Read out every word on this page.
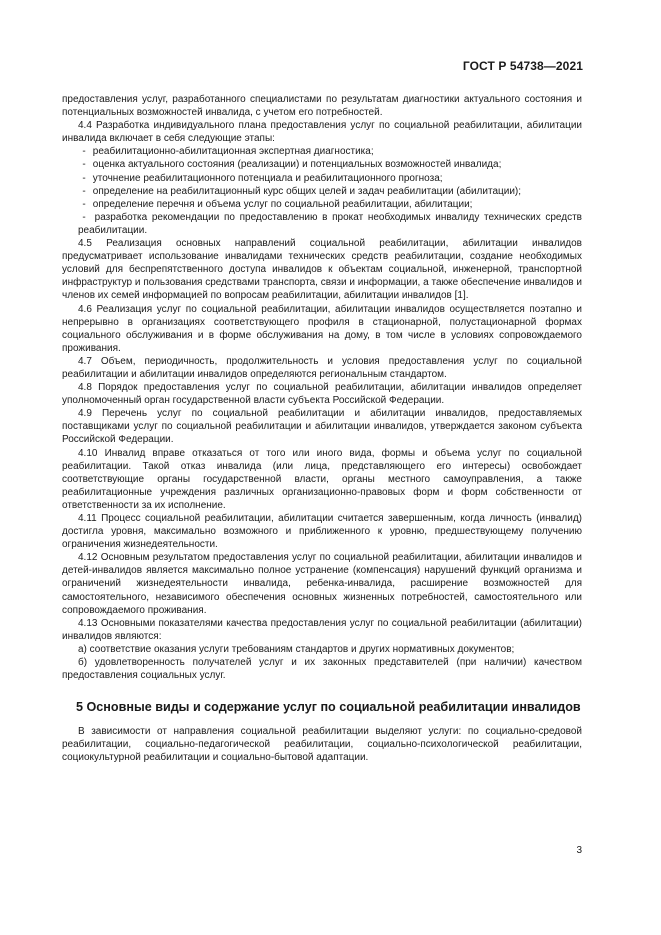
ГОСТ Р 54738—2021

предоставления услуг, разработанного специалистами по результатам диагностики актуального состояния и потенциальных возможностей инвалида, с учетом его потребностей.

4.4 Разработка индивидуального плана предоставления услуг по социальной реабилитации, абилитации инвалида включает в себя следующие этапы:

- реабилитационно-абилитационная экспертная диагностика;

- оценка актуального состояния (реализации) и потенциальных возможностей инвалида;

- уточнение реабилитационного потенциала и реабилитационного прогноза;

- определение на реабилитационный курс общих целей и задач реабилитации (абилитации);

- определение перечня и объема услуг по социальной реабилитации, абилитации;

- разработка рекомендации по предоставлению в прокат необходимых инвалиду технических средств реабилитации.

4.5 Реализация основных направлений социальной реабилитации, абилитации инвалидов предусматривает использование инвалидами технических средств реабилитации, создание необходимых условий для беспрепятственного доступа инвалидов к объектам социальной, инженерной, транспортной инфраструктур и пользования средствами транспорта, связи и информации, а также обеспечение инвалидов и членов их семей информацией по вопросам реабилитации, абилитации инвалидов [1].

4.6 Реализация услуг по социальной реабилитации, абилитации инвалидов осуществляется поэтапно и непрерывно в организациях соответствующего профиля в стационарной, полустационарной формах социального обслуживания и в форме обслуживания на дому, в том числе в условиях сопровождаемого проживания.

4.7 Объем, периодичность, продолжительность и условия предоставления услуг по социальной реабилитации и абилитации инвалидов определяются региональным стандартом.

4.8 Порядок предоставления услуг по социальной реабилитации, абилитации инвалидов определяет уполномоченный орган государственной власти субъекта Российской Федерации.

4.9 Перечень услуг по социальной реабилитации и абилитации инвалидов, предоставляемых поставщиками услуг по социальной реабилитации и абилитации инвалидов, утверждается законом субъекта Российской Федерации.

4.10 Инвалид вправе отказаться от того или иного вида, формы и объема услуг по социальной реабилитации. Такой отказ инвалида (или лица, представляющего его интересы) освобождает соответствующие органы государственной власти, органы местного самоуправления, а также реабилитационные учреждения различных организационно-правовых форм и форм собственности от ответственности за их исполнение.

4.11 Процесс социальной реабилитации, абилитации считается завершенным, когда личность (инвалид) достигла уровня, максимально возможного и приближенного к уровню, предшествующему получению ограничения жизнедеятельности.

4.12 Основным результатом предоставления услуг по социальной реабилитации, абилитации инвалидов и детей-инвалидов является максимально полное устранение (компенсация) нарушений функций организма и ограничений жизнедеятельности инвалида, ребенка-инвалида, расширение возможностей для самостоятельного, независимого обеспечения основных жизненных потребностей, самостоятельного или сопровождаемого проживания.

4.13 Основными показателями качества предоставления услуг по социальной реабилитации (абилитации) инвалидов являются:

а) соответствие оказания услуги требованиям стандартов и других нормативных документов;

б) удовлетворенность получателей услуг и их законных представителей (при наличии) качеством предоставления социальных услуг.

5 Основные виды и содержание услуг по социальной реабилитации инвалидов

В зависимости от направления социальной реабилитации выделяют услуги: по социально-средовой реабилитации, социально-педагогической реабилитации, социально-психологической реабилитации, социокультурной реабилитации и социально-бытовой адаптации.

3
